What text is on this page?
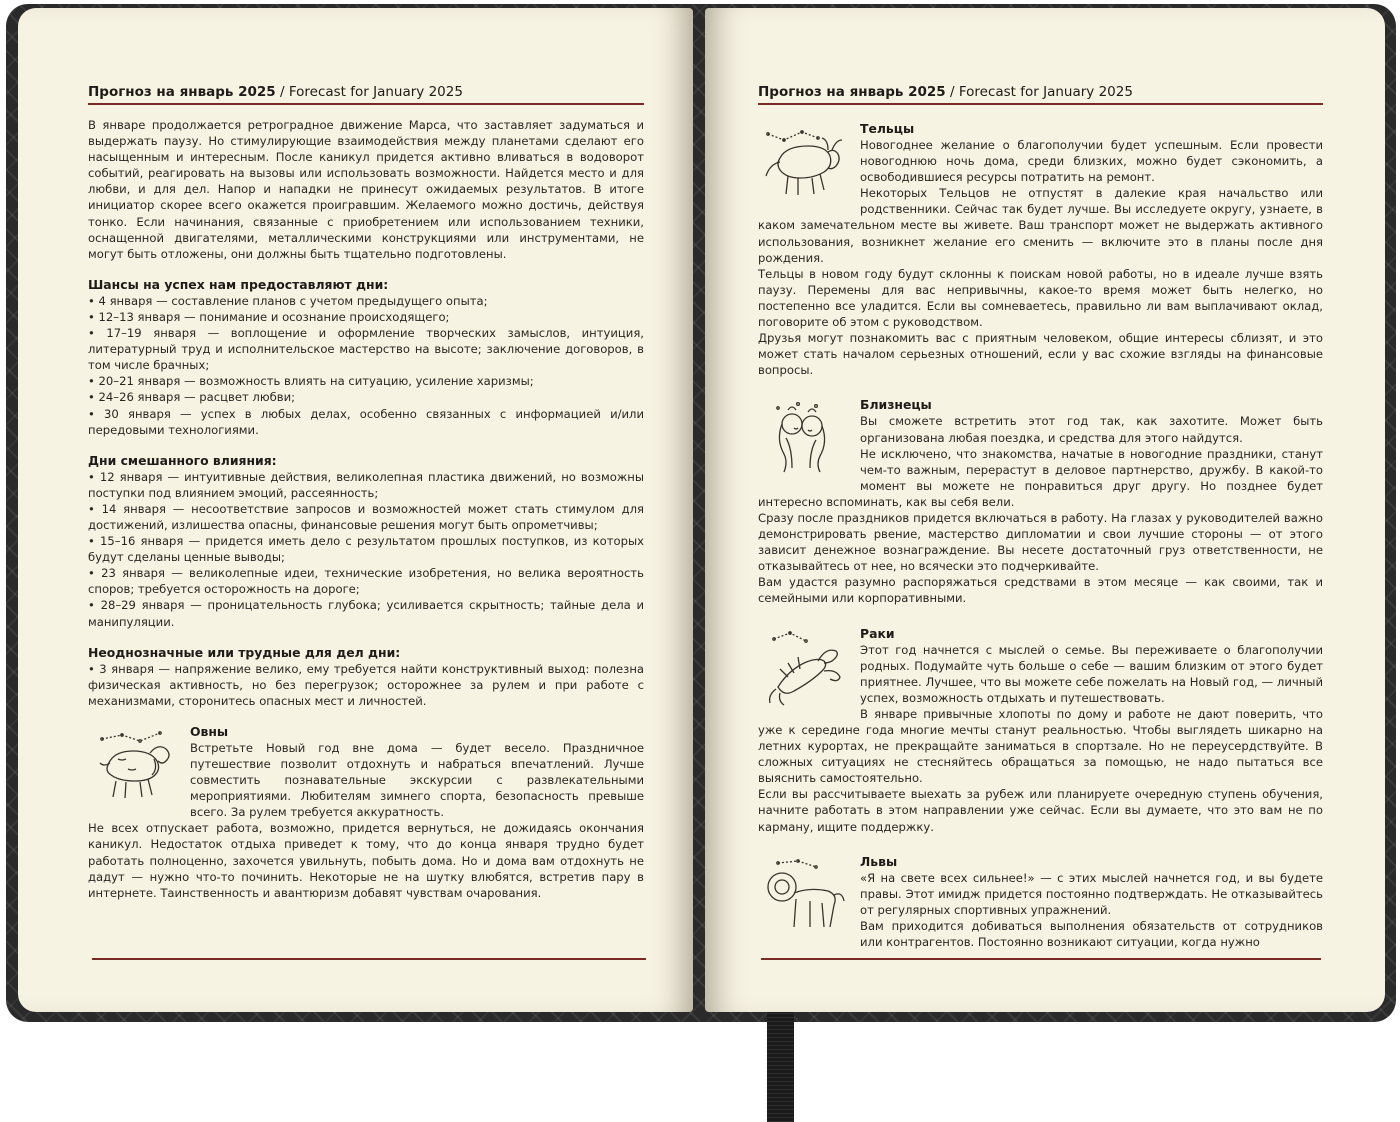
Прогноз на январь 2025 / Forecast for January 2025

В январе продолжается ретроградное движение Марса, что заставляет задуматься и выдержать паузу. Но стимулирующие взаимодействия между планетами сделают его насыщенным и интересным. После каникул придется активно вливаться в водоворот событий, реагировать на вызовы или использовать возможности. Найдется место и для любви, и для дел. Напор и нападки не принесут ожидаемых результатов. В итоге инициатор скорее всего окажется проигравшим. Желаемого можно достичь, действуя тонко. Если начинания, связанные с приобретением или использованием техники, оснащенной двигателями, металлическими конструкциями или инструментами, не могут быть отложены, они должны быть тщательно подготовлены.

Шансы на успех нам предоставляют дни:
• 4 января — составление планов с учетом предыдущего опыта;
• 12–13 января — понимание и осознание происходящего;
• 17–19 января — воплощение и оформление творческих замыслов, интуиция, литературный труд и исполнительское мастерство на высоте; заключение договоров, в том числе брачных;
• 20–21 января — возможность влиять на ситуацию, усиление харизмы;
• 24–26 января — расцвет любви;
• 30 января — успех в любых делах, особенно связанных с информацией и/или передовыми технологиями.
Дни смешанного влияния:
• 12 января — интуитивные действия, великолепная пластика движений, но возможны поступки под влиянием эмоций, рассеянность;
• 14 января — несоответствие запросов и возможностей может стать стимулом для достижений, излишества опасны, финансовые решения могут быть опрометчивы;
• 15–16 января — придется иметь дело с результатом прошлых поступков, из которых будут сделаны ценные выводы;
• 23 января — великолепные идеи, технические изобретения, но велика вероятность споров; требуется осторожность на дороге;
• 28–29 января — проницательность глубока; усиливается скрытность; тайные дела и манипуляции.
Неоднозначные или трудные для дел дни:
• 3 января — напряжение велико, ему требуется найти конструктивный выход: полезна физическая активность, но без перегрузок; осторожнее за рулем и при работе с механизмами, сторонитесь опасных мест и личностей.
Овны

Встретьте Новый год вне дома — будет весело. Праздничное путешествие позволит отдохнуть и набраться впечатлений. Лучше совместить познавательные экскурсии с развлекательными мероприятиями. Любителям зимнего спорта, безопасность превыше всего. За рулем требуется аккуратность.

Не всех отпускает работа, возможно, придется вернуться, не дожидаясь окончания каникул. Недостаток отдыха приведет к тому, что до конца января трудно будет работать полноценно, захочется увильнуть, побыть дома. Но и дома вам отдохнуть не дадут — нужно что-то починить. Некоторые не на шутку влюбятся, встретив пару в интернете. Таинственность и авантюризм добавят чувствам очарования.

Прогноз на январь 2025 / Forecast for January 2025
Тельцы

Новогоднее желание о благополучии будет успешным. Если провести новогоднюю ночь дома, среди близких, можно будет сэкономить, а освободившиеся ресурсы потратить на ремонт.

Некоторых Тельцов не отпустят в далекие края начальство или родственники. Сейчас так будет лучше. Вы исследуете округу, узнаете, в каком замечательном месте вы живете. Ваш транспорт может не выдержать активного использования, возникнет желание его сменить — включите это в планы после дня рождения.

Тельцы в новом году будут склонны к поискам новой работы, но в идеале лучше взять паузу. Перемены для вас непривычны, какое-то время может быть нелегко, но постепенно все уладится. Если вы сомневаетесь, правильно ли вам выплачивают оклад, поговорите об этом с руководством.

Друзья могут познакомить вас с приятным человеком, общие интересы сблизят, и это может стать началом серьезных отношений, если у вас схожие взгляды на финансовые вопросы.

Близнецы

Вы сможете встретить этот год так, как захотите. Может быть организована любая поездка, и средства для этого найдутся.

Не исключено, что знакомства, начатые в новогодние праздники, станут чем-то важным, перерастут в деловое партнерство, дружбу. В какой-то момент вы можете не понравиться друг другу. Но позднее будет интересно вспоминать, как вы себя вели.

Сразу после праздников придется включаться в работу. На глазах у руководителей важно демонстрировать рвение, мастерство дипломатии и свои лучшие стороны — от этого зависит денежное вознаграждение. Вы несете достаточный груз ответственности, не отказывайтесь от нее, но всячески это подчеркивайте.

Вам удастся разумно распоряжаться средствами в этом месяце — как своими, так и семейными или корпоративными.

Раки

Этот год начнется с мыслей о семье. Вы переживаете о благополучии родных. Подумайте чуть больше о себе — вашим близким от этого будет приятнее. Лучшее, что вы можете себе пожелать на Новый год, — личный успех, возможность отдыхать и путешествовать.

В январе привычные хлопоты по дому и работе не дают поверить, что уже к середине года многие мечты станут реальностью. Чтобы выглядеть шикарно на летних курортах, не прекращайте заниматься в спортзале. Но не переусердствуйте. В сложных ситуациях не стесняйтесь обращаться за помощью, не надо пытаться все выяснить самостоятельно.

Если вы рассчитываете выехать за рубеж или планируете очередную ступень обучения, начните работать в этом направлении уже сейчас. Если вы думаете, что это вам не по карману, ищите поддержку.

Львы

«Я на свете всех сильнее!» — с этих мыслей начнется год, и вы будете правы. Этот имидж придется постоянно подтверждать. Не отказывайтесь от регулярных спортивных упражнений.

Вам приходится добиваться выполнения обязательств от сотрудников или контрагентов. Постоянно возникают ситуации, когда нужно
